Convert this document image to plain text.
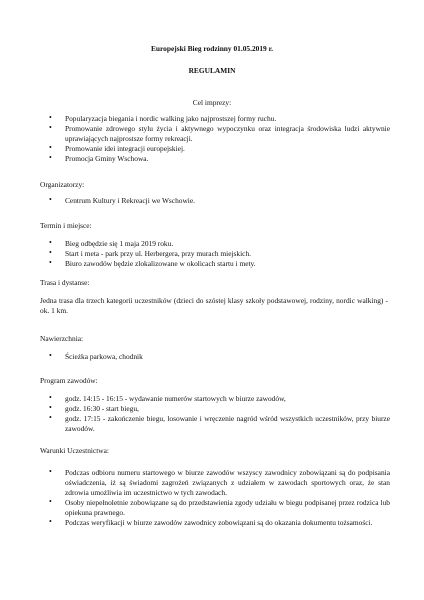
Europejski Bieg rodzinny 01.05.2019 r.
REGULAMIN
Cel imprezy:
• Popularyzacja biegania i nordic walking jako najprostszej formy ruchu.
• Promowanie zdrowego stylu życia i aktywnego wypoczynku oraz integracja środowiska ludzi aktywnie uprawiających najprostsze formy rekreacji.
• Promowanie idei integracji europejskiej.
• Promocja Gminy Wschowa.
Organizatorzy:
• Centrum Kultury i Rekreacji we Wschowie.
Termin i miejsce:
• Bieg odbędzie się 1 maja 2019 roku.
• Start i meta - park przy ul. Herbergera, przy murach miejskich.
• Biuro zawodów będzie zlokalizowane w okolicach startu i mety.
Trasa i dystanse:
Jedna trasa dla trzech kategorii uczestników (dzieci do szóstej klasy szkoły podstawowej, rodziny, nordic walking) - ok. 1 km.
Nawierzchnia:
• Ścieżka parkowa, chodnik
Program zawodów:
• godz. 14:15 - 16:15 - wydawanie numerów startowych w biurze zawodów,
• godz. 16:30 - start biegu,
• godz. 17:15 - zakończenie biegu, losowanie i wręczenie nagród wśród wszystkich uczestników, przy biurze zawodów.
Warunki Uczestnictwa:
• Podczas odbioru numeru startowego w biurze zawodów wszyscy zawodnicy zobowiązani są do podpisania oświadczenia, iż są świadomi zagrożeń związanych z udziałem w zawodach sportowych oraz, że stan zdrowia umożliwia im uczestnictwo w tych zawodach.
• Osoby niepełnoletnie zobowiązane są do przedstawienia zgody udziału w biegu podpisanej przez rodzica lub opiekuna prawnego.
• Podczas weryfikacji w biurze zawodów zawodnicy zobowiązani są do okazania dokumentu tożsamości.
